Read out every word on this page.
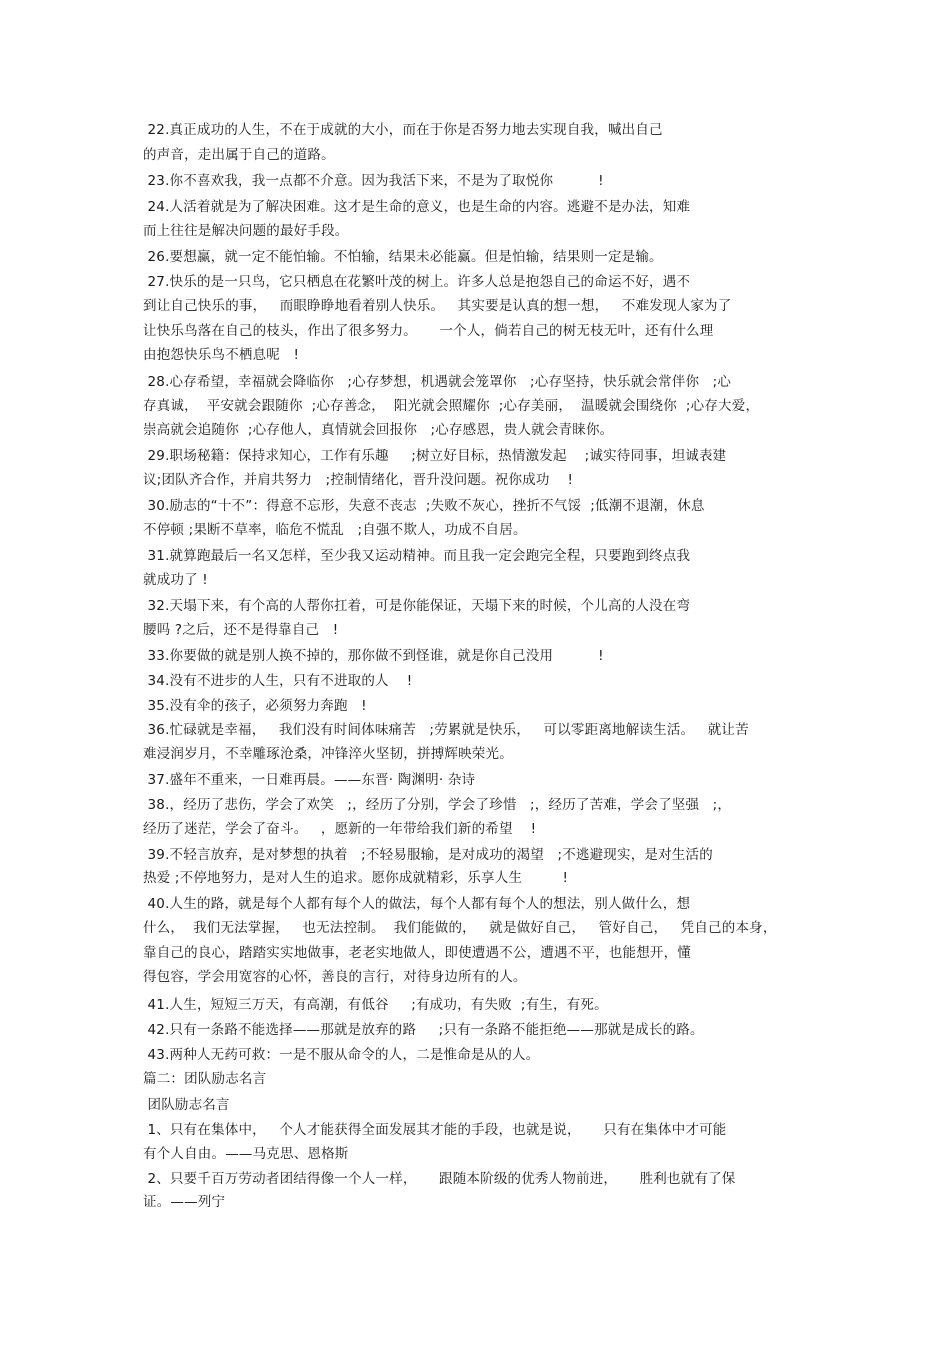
22.真正成功的人生，不在于成就的大小，而在于你是否努力地去实现自我，喊出自己
的声音，走出属于自己的道路。
23.你不喜欢我，我一点都不介意。因为我活下来，不是为了取悦你          !
24.人活着就是为了解决困难。这才是生命的意义，也是生命的内容。逃避不是办法，知难
而上往往是解决问题的最好手段。
26.要想赢，就一定不能怕输。不怕输，结果未必能赢。但是怕输，结果则一定是输。
27.快乐的是一只鸟，它只栖息在花繁叶茂的树上。许多人总是抱怨自己的命运不好，遇不
到让自己快乐的事，   而眼睁睁地看着别人快乐。   其实要是认真的想一想，   不难发现人家为了
让快乐鸟落在自己的枝头，作出了很多努力。     一个人，倘若自己的树无枝无叶，还有什么理
由抱怨快乐鸟不栖息呢   !
28.心存希望，幸福就会降临你   ;心存梦想，机遇就会笼罩你   ;心存坚持，快乐就会常伴你   ;心
存真诚，  平安就会跟随你  ;心存善念，  阳光就会照耀你  ;心存美丽，  温暖就会围绕你  ;心存大爱，
崇高就会追随你  ;心存他人，真情就会回报你   ;心存感恩，贵人就会青睐你。
29.职场秘籍：保持求知心，工作有乐趣     ;树立好目标，热情激发起    ;诚实待同事，坦诚表建
议;团队齐合作，并肩共努力   ;控制情绪化，晋升没问题。祝你成功    !
30.励志的“十不”：得意不忘形，失意不丧志  ;失败不灰心，挫折不气馁  ;低潮不退潮，休息
不停顿 ;果断不草率，临危不慌乱   ;自强不欺人，功成不自居。
31.就算跑最后一名又怎样，至少我又运动精神。而且我一定会跑完全程，只要跑到终点我
就成功了 !
32.天塌下来，有个高的人帮你扛着，可是你能保证，天塌下来的时候，个儿高的人没在弯
腰吗 ?之后，还不是得靠自己   !
33.你要做的就是别人换不掉的，那你做不到怪谁，就是你自己没用          !
34.没有不进步的人生，只有不进取的人    !
35.没有伞的孩子，必须努力奔跑   !
36.忙碌就是幸福，   我们没有时间体味痛苦   ;劳累就是快乐，   可以零距离地解读生活。   就让苦
难浸润岁月，不幸雕琢沧桑，冲锋淬火坚韧，拼搏辉映荣光。
37.盛年不重来，一日难再晨。——东晋· 陶渊明· 杂诗
38.，经历了悲伤，学会了欢笑   ;，经历了分别，学会了珍惜   ;，经历了苦难，学会了坚强   ;，
经历了迷茫，学会了奋斗。   ，愿新的一年带给我们新的希望    !
39.不轻言放弃，是对梦想的执着   ;不轻易服输，是对成功的渴望   ;不逃避现实，是对生活的
热爱 ;不停地努力，是对人生的追求。愿你成就精彩，乐享人生         !
40.人生的路，就是每个人都有每个人的做法，每个人都有每个人的想法，别人做什么，想
什么，  我们无法掌握，   也无法控制。  我们能做的，   就是做好自己，   管好自己，   凭自己的本身，
靠自己的良心，踏踏实实地做事，老老实地做人，即使遭遇不公，遭遇不平，也能想开，懂
得包容，学会用宽容的心怀，善良的言行，对待身边所有的人。
41.人生，短短三万天，有高潮，有低谷     ;有成功，有失败  ;有生，有死。
42.只有一条路不能选择——那就是放弃的路     ;只有一条路不能拒绝——那就是成长的路。
43.两种人无药可救：一是不服从命令的人，二是惟命是从的人。
篇二：团队励志名言
团队励志名言
1、只有在集体中，   个人才能获得全面发展其才能的手段，也就是说，     只有在集体中才可能
有个人自由。——马克思、恩格斯
2、只要千百万劳动者团结得像一个人一样，     跟随本阶级的优秀人物前进，     胜利也就有了保
证。——列宁
